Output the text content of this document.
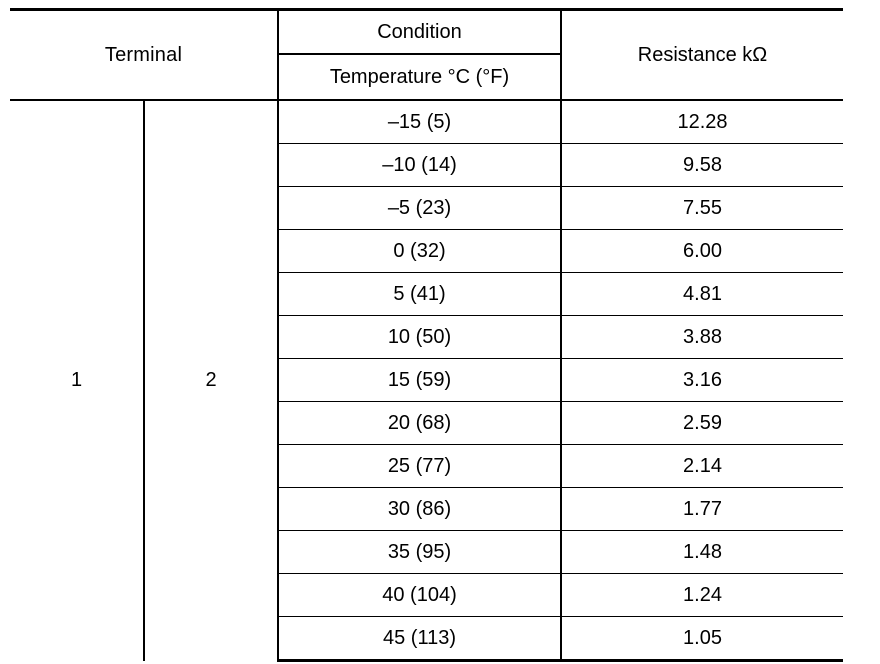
Terminal		Condition	Resistance kΩ
		Temperature °C (°F)	
1	2	–15 (5)	12.28
		–10 (14)	9.58
		–5 (23)	7.55
		0 (32)	6.00
		5 (41)	4.81
		10 (50)	3.88
		15 (59)	3.16
		20 (68)	2.59
		25 (77)	2.14
		30 (86)	1.77
		35 (95)	1.48
		40 (104)	1.24
		45 (113)	1.05
